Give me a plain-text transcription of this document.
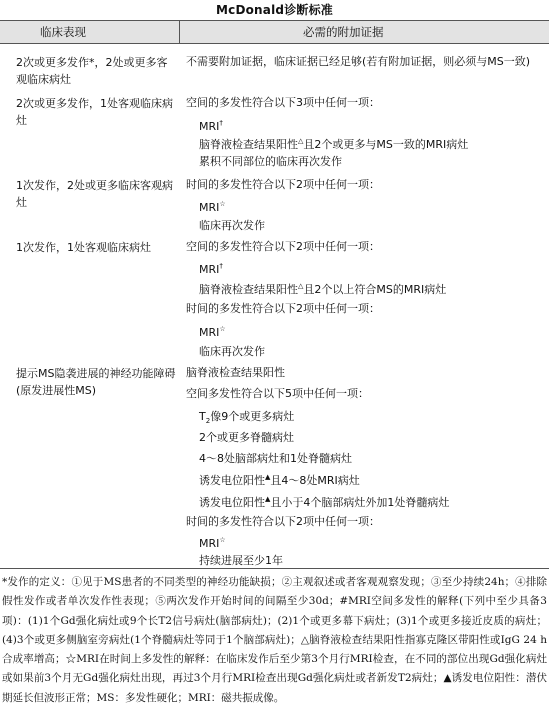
McDonald诊断标准
临床表现	必需的附加证据
2次或更多发作*，2处或更多客观临床病灶
不需要附加证据，临床证据已经足够(若有附加证据，则必须与MS一致)
2次或更多发作，1处客观临床病灶
空间的多发性符合以下3项中任何一项：
MRI†
脑脊液检查结果阳性△且2个或更多与MS一致的MRI病灶
累积不同部位的临床再次发作
1次发作，2处或更多临床客观病灶
时间的多发性符合以下2项中任何一项：
MRI☆
临床再次发作
1次发作，1处客观临床病灶	空间的多发性符合以下2项中任何一项：
MRI†
脑脊液检查结果阳性△且2个以上符合MS的MRI病灶
时间的多发性符合以下2项中任何一项：
MRI☆
临床再次发作
提示MS隐袭进展的神经功能障碍(原发进展性MS)
脑脊液检查结果阳性
空间多发性符合以下5项中任何一项：
$T_2$像9个或更多病灶
2个或更多脊髓病灶
4～8处脑部病灶和1处脊髓病灶
诱发电位阳性▲且4～8处MRI病灶
诱发电位阳性▲且小于4个脑部病灶外加1处脊髓病灶
时间的多发性符合以下2项中任何一项：
MRI☆
持续进展至少1年
*发作的定义：①见于MS患者的不同类型的神经功能缺损；②主观叙述或者客观观察发现；③至少持续24h；④排除假性发作或者单次发作性表现；⑤两次发作开始时间的间隔至少30d；#MRI空间多发性的解释(下列中至少具备3项)：(1)1个Gd强化病灶或9个长T2信号病灶(脑部病灶)；(2)1个或更多幕下病灶；(3)1个或更多接近皮质的病灶；(4)3个或更多侧脑室旁病灶(1个脊髓病灶等同于1个脑部病灶)；△脑脊液检查结果阳性指寡克隆区带阳性或IgG 24 h合成率增高；☆MRI在时间上多发性的解释：在临床发作后至少第3个月行MRI检查，在不同的部位出现Gd强化病灶或如果前3个月无Gd强化病灶出现，再过3个月行MRI检查出现Gd强化病灶或者新发T2病灶；▲诱发电位阳性：潜伏期延长但波形正常；MS：多发性硬化；MRI：磁共振成像。
